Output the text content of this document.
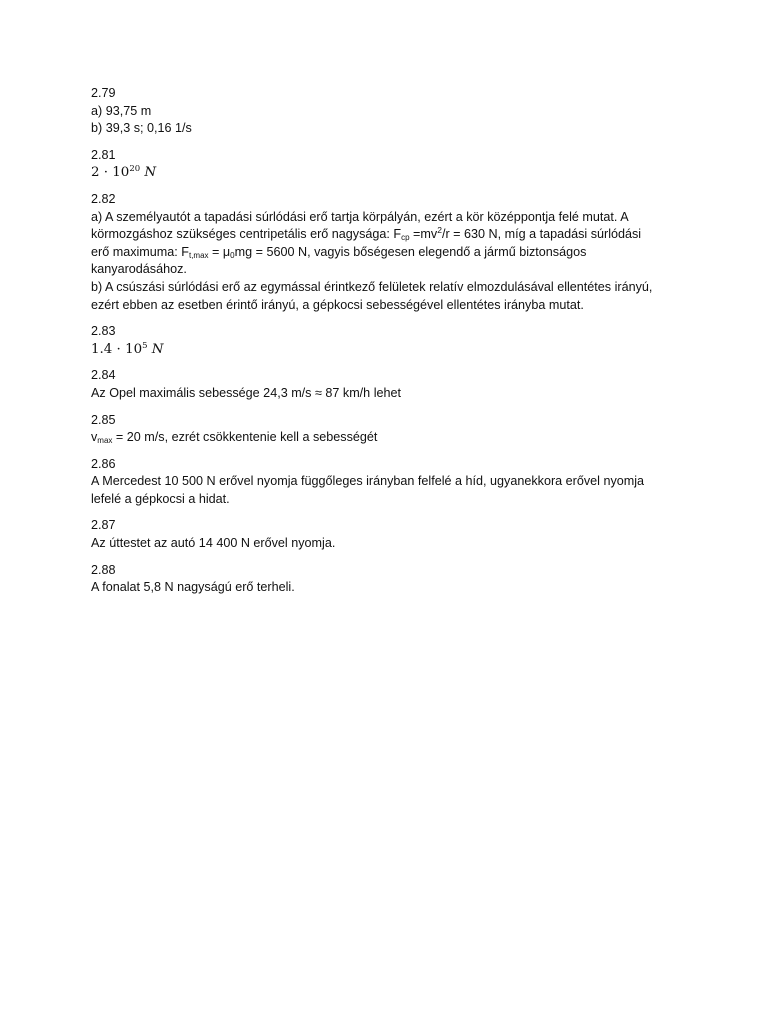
2.79
a) 93,75 m
b) 39,3 s; 0,16 1/s
2.81
$2 \cdot 10^{20}$ N
2.82
a) A személyautót a tapadási súrlódási erő tartja körpályán, ezért a kör középpontja felé mutat. A
körmozgáshoz szükséges centripetális erő nagysága: $F_{cp} =mv^2/r = 630$ N, míg a tapadási súrlódási
erő maximuma: $F_{t,max} = \mu_0mg = 5600$ N, vagyis bőségesen elegendő a jármű biztonságos
kanyarodásához.
b) A csúszási súrlódási erő az egymással érintkező felületek relatív elmozdulásával ellentétes irányú,
ezért ebben az esetben érintő irányú, a gépkocsi sebességével ellentétes irányba mutat.
2.83
$1.4 \cdot 10^5$ N
2.84
Az Opel maximális sebessége 24,3 m/s ≈ 87 km/h lehet
2.85
$v_{max} = 20$ m/s, ezrét csökkentenie kell a sebességét
2.86
A Mercedest 10 500 N erővel nyomja függőleges irányban felfelé a híd, ugyanekkora erővel nyomja
lefelé a gépkocsi a hidat.
2.87
Az úttestet az autó 14 400 N erővel nyomja.
2.88
A fonalat 5,8 N nagyságú erő terheli.
